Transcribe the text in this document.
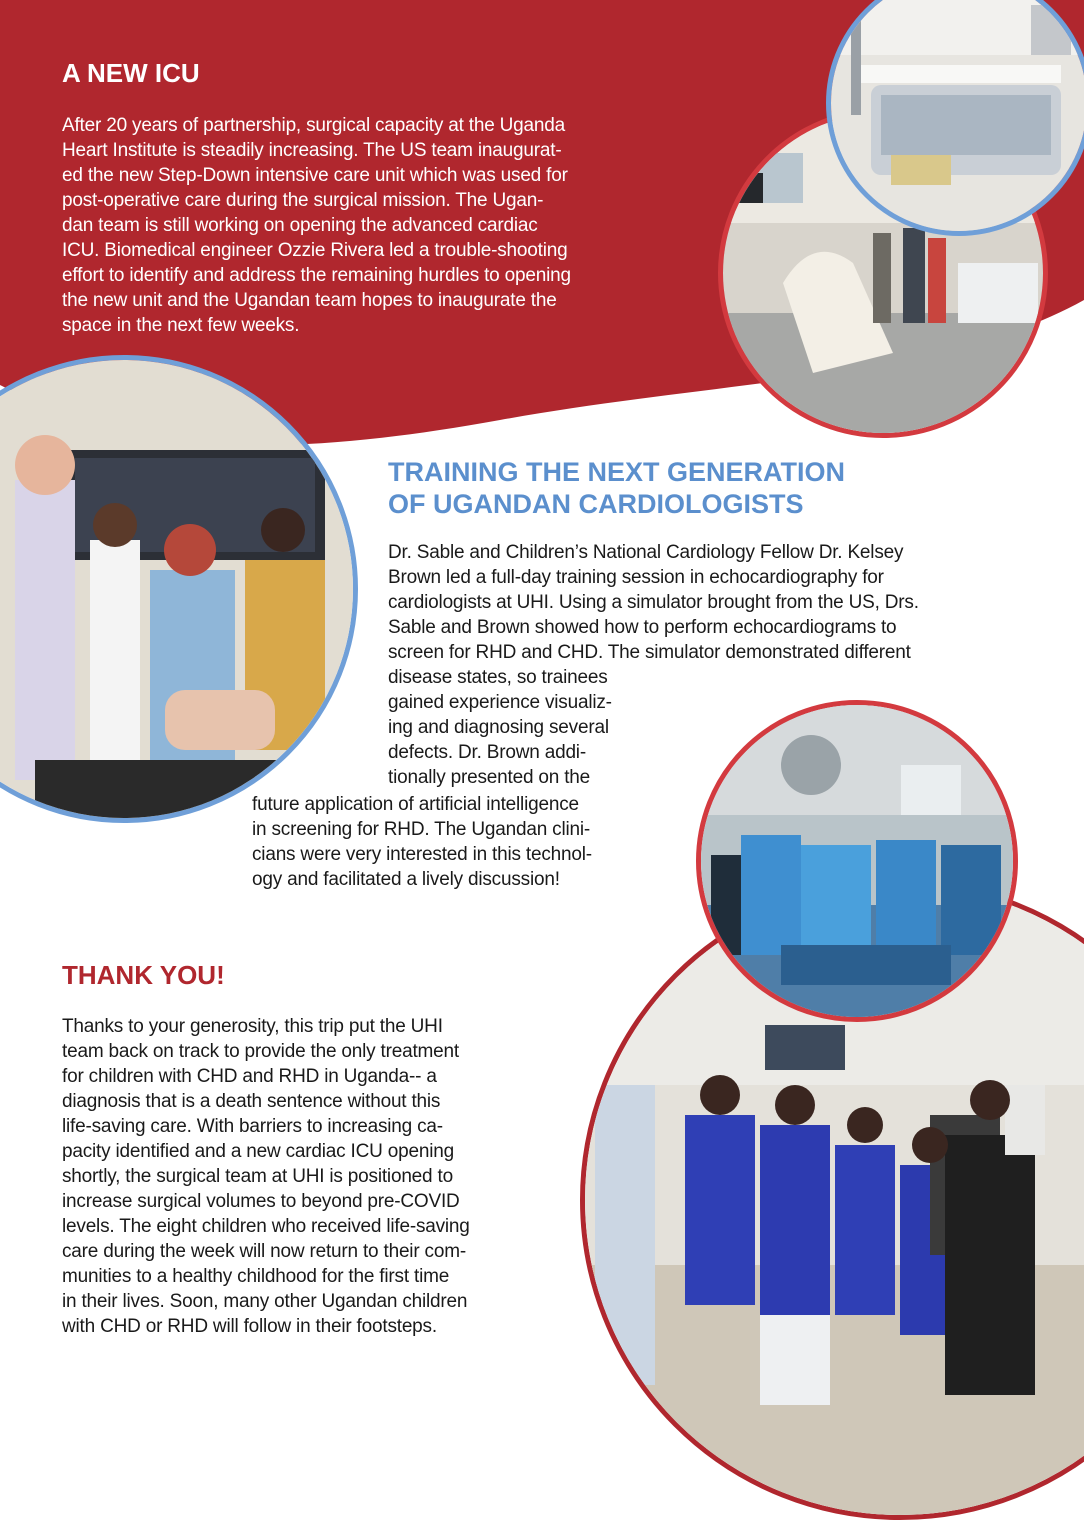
A NEW ICU
After 20 years of partnership, surgical capacity at the Uganda
Heart Institute is steadily increasing. The US team inaugurat-
ed the new Step-Down intensive care unit which was used for
post-operative care during the surgical mission. The Ugan-
dan team is still working on opening the advanced cardiac
ICU. Biomedical engineer Ozzie Rivera led a trouble-shooting
effort to identify and address the remaining hurdles to opening
the new unit and the Ugandan team hopes to inaugurate the
space in the next few weeks.
TRAINING THE NEXT GENERATION
OF UGANDAN CARDIOLOGISTS
Dr. Sable and Children’s National Cardiology Fellow Dr. Kelsey
Brown led a full-day training session in echocardiography for
cardiologists at UHI. Using a simulator brought from the US, Drs.
Sable and Brown showed how to perform echocardiograms to
screen for RHD and CHD. The simulator demonstrated different
disease states, so trainees
gained experience visualiz-
ing and diagnosing several
defects. Dr. Brown addi-
tionally presented on the
future application of artificial intelligence
in screening for RHD. The Ugandan clini-
cians were very interested in this technol-
ogy and facilitated a lively discussion!
THANK YOU!
Thanks to your generosity, this trip put the UHI
team back on track to provide the only treatment
for children with CHD and RHD in Uganda-- a
diagnosis that is a death sentence without this
life-saving care. With barriers to increasing ca-
pacity identified and a new cardiac ICU opening
shortly, the surgical team at UHI is positioned to
increase surgical volumes to beyond pre-COVID
levels. The eight children who received life-saving
care during the week will now return to their com-
munities to a healthy childhood for the first time
in their lives. Soon, many other Ugandan children
with CHD or RHD will follow in their footsteps.
